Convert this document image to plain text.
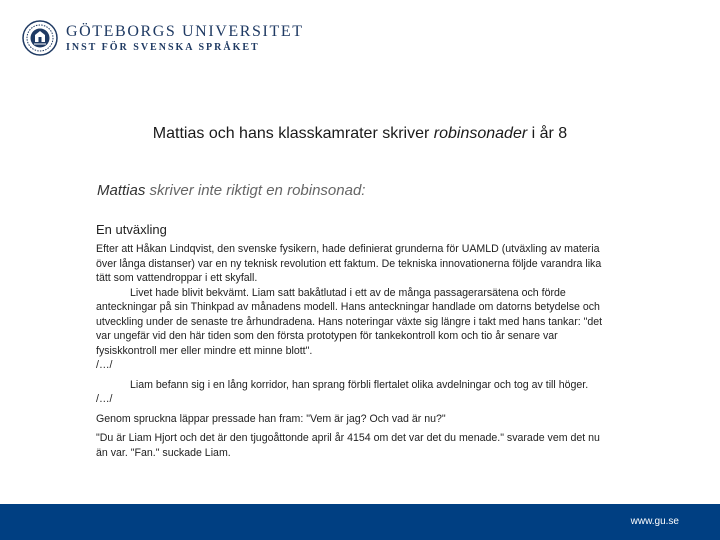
GÖTEBORGS UNIVERSITET
INST FÖR SVENSKA SPRÅKET
Mattias och hans klasskamrater skriver robinsonader i år 8
Mattias skriver inte riktigt en robinsonad:
En utväxling

Efter att Håkan Lindqvist, den svenske fysikern, hade definierat grunderna för UAMLD (utväxling av materia över långa distanser) var en ny teknisk revolution ett faktum. De tekniska innovationerna följde varandra lika tätt som vattendroppar i ett skyfall.

Livet hade blivit bekvämt. Liam satt bakåtlutad i ett av de många passagerarsätena och förde anteckningar på sin Thinkpad av månadens modell. Hans anteckningar handlade om datorns betydelse och utveckling under de senaste tre århundradena. Hans noteringar växte sig längre i takt med hans tankar: "det var ungefär vid den här tiden som den första prototypen för tankekontroll kom och tio år senare var fysiskkontroll mer eller mindre ett minne blott".

/…/

Liam befann sig i en lång korridor, han sprang förbli flertalet olika avdelningar och tog av till höger.

/…/

Genom spruckna läppar pressade han fram: "Vem är jag? Och vad är nu?"

"Du är Liam Hjort och det är den tjugoåttonde april år 4154 om det var det du menade." svarade vem det nu än var. "Fan." suckade Liam.

www.gu.se
